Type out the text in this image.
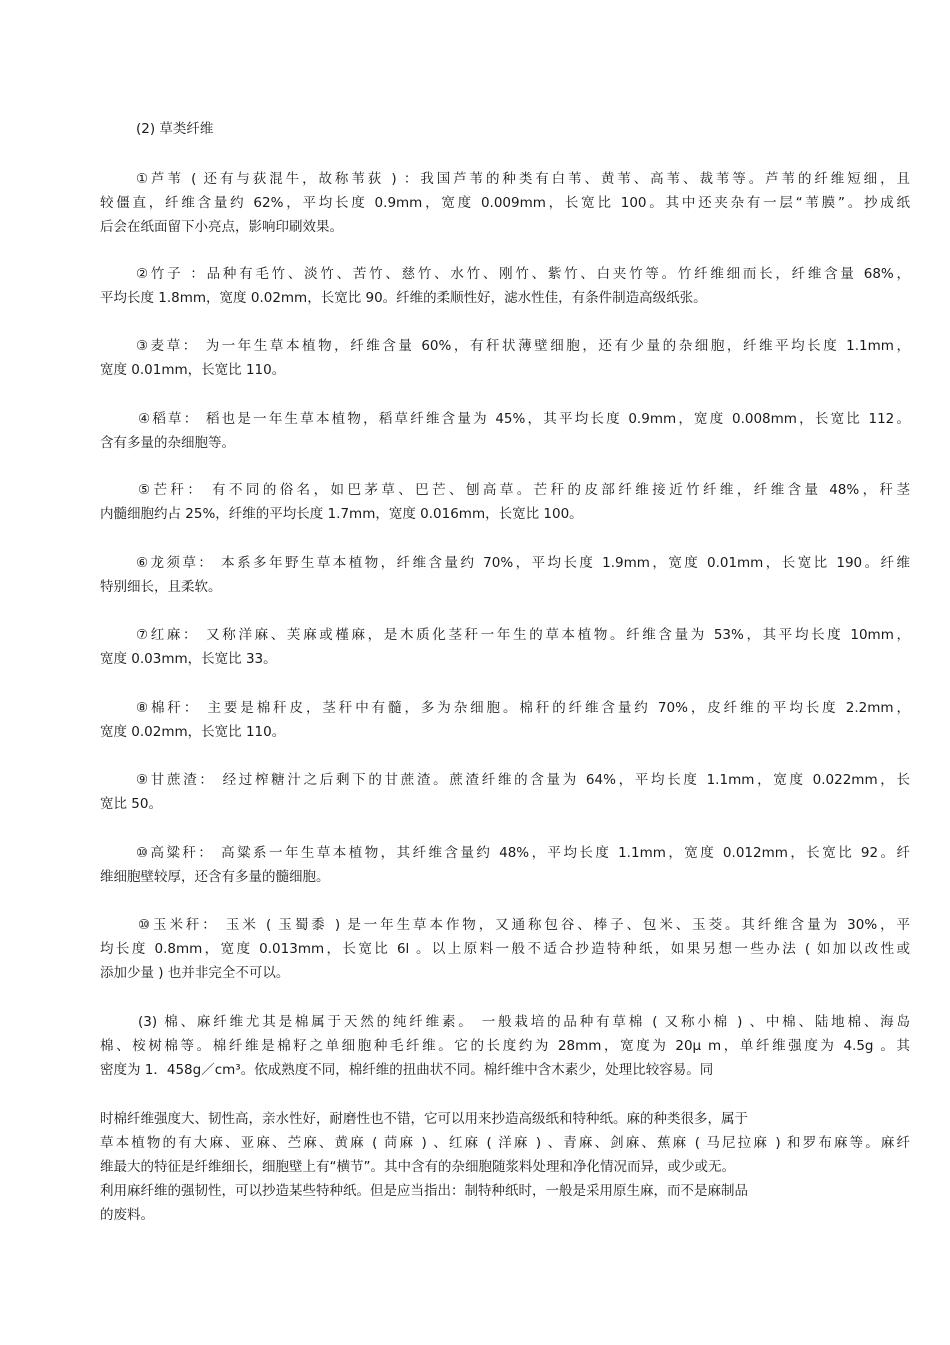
(2) 草类纤维
①芦苇 ( 还有与荻混牛，故称苇荻 ) ：我国芦苇的种类有白苇、黄苇、高苇、裁苇等。芦苇的纤维短细，且
较僵直，纤维含量约 62%，平均长度 0.9mm，宽度 0.009mm，长宽比 100。其中还夹杂有一层“苇膜”。抄成纸
后会在纸面留下小亮点，影响印刷效果。
②竹子 ：品种有毛竹、淡竹、苦竹、慈竹、水竹、刚竹、紫竹、白夹竹等。竹纤维细而长，纤维含量 68%，
平均长度 1.8mm，宽度 0.02mm，长宽比 90。纤维的柔顺性好，滤水性佳，有条件制造高级纸张。
③麦草： 为一年生草本植物，纤维含量 60%，有秆状薄壁细胞，还有少量的杂细胞，纤维平均长度 1.1mm，
宽度 0.01mm，长宽比 110。
④稻草： 稻也是一年生草本植物，稻草纤维含量为 45%，其平均长度 0.9mm，宽度 0.008mm，长宽比 112。
含有多量的杂细胞等。
⑤芒秆： 有不同的俗名，如巴茅草、巴芒、刨高草。芒秆的皮部纤维接近竹纤维，纤维含量 48%，秆茎
内髓细胞约占 25%，纤维的平均长度 1.7mm，宽度 0.016mm，长宽比 100。
⑥龙须草： 本系多年野生草本植物，纤维含量约 70%，平均长度 1.9mm，宽度 0.01mm，长宽比 190。纤维
特别细长，且柔软。
⑦红麻： 又称洋麻、芙麻或槿麻，是木质化茎秆一年生的草本植物。纤维含量为 53%，其平均长度 10mm，
宽度 0.03mm，长宽比 33。
⑧棉秆： 主要是棉秆皮，茎秆中有髓，多为杂细胞。棉秆的纤维含量约 70%，皮纤维的平均长度 2.2mm，
宽度 0.02mm，长宽比 110。
⑨甘蔗渣： 经过榨糖汁之后剩下的甘蔗渣。蔗渣纤维的含量为 64%，平均长度 1.1mm，宽度 0.022mm，长
宽比 50。
⑩高粱秆： 高粱系一年生草本植物，其纤维含量约 48%，平均长度 1.1mm，宽度 0.012mm，长宽比 92。纤
维细胞壁较厚，还含有多量的髓细胞。
⑩玉米秆： 玉米 ( 玉蜀黍 ) 是一年生草本作物，又通称包谷、棒子、包米、玉茭。其纤维含量为 30%，平
均长度 0.8mm，宽度 0.013mm，长宽比 6l 。以上原料一般不适合抄造特种纸，如果另想一些办法 ( 如加以改性或
添加少量 ) 也并非完全不可以。
(3) 棉、麻纤维尤其是棉属于天然的纯纤维素。 一般栽培的品种有草棉 ( 又称小棉 ) 、中棉、陆地棉、海岛
棉、桉树棉等。棉纤维是棉籽之单细胞种毛纤维。它的长度约为 28mm，宽度为 20μ m，单纤维强度为 4.5g 。其
密度为 1．458g／cm³。依成熟度不同，棉纤维的扭曲状不同。棉纤维中含木素少，处理比较容易。同
时棉纤维强度大、韧性高，亲水性好，耐磨性也不错，它可以用来抄造高级纸和特种纸。麻的种类很多，属于
草本植物的有大麻、亚麻、苎麻、黄麻 ( 苘麻 ) 、红麻 ( 洋麻 ) 、青麻、剑麻、蕉麻 ( 马尼拉麻 ) 和罗布麻等。麻纤
维最大的特征是纤维细长，细胞壁上有“横节”。其中含有的杂细胞随浆料处理和净化情况而异，或少或无。
利用麻纤维的强韧性，可以抄造某些特种纸。但是应当指出：制特种纸时，一般是采用原生麻，而不是麻制品
的废料。
